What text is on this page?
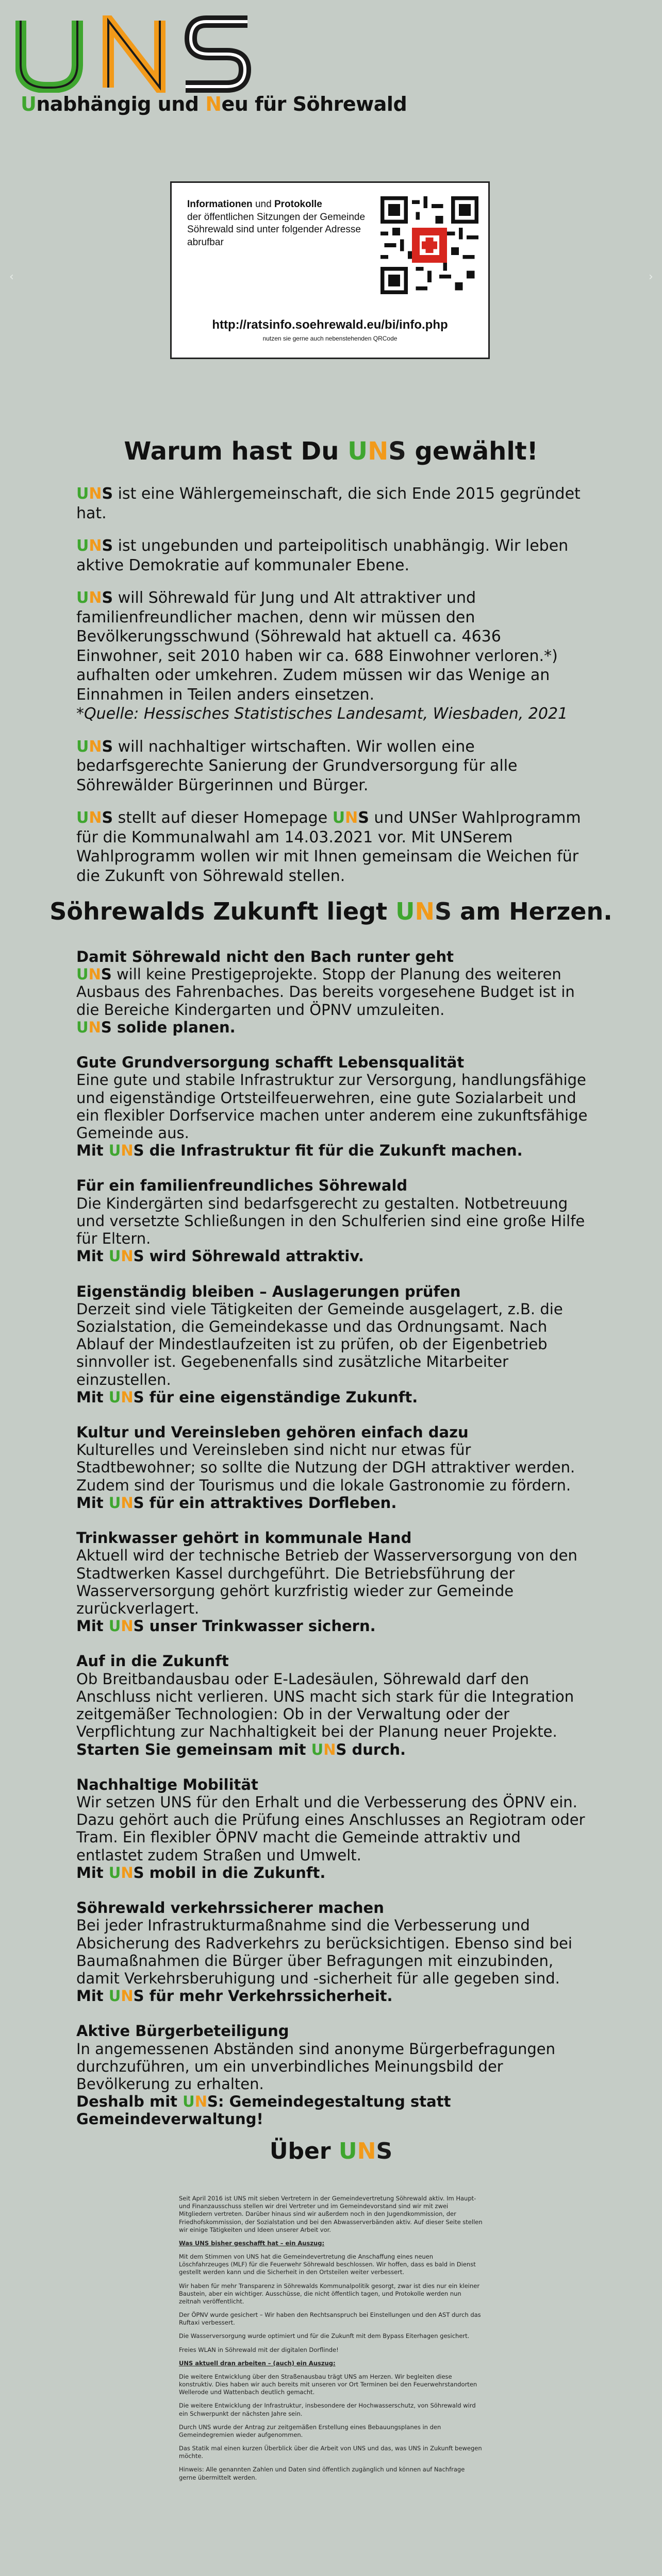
Unabhängig und Neu für Söhrewald
‹	›
Informationen und Protokolle
der öffentlichen Sitzungen der Gemeinde Söhrewald sind unter folgender Adresse abrufbar
http://ratsinfo.soehrewald.eu/bi/info.php
nutzen sie gerne auch nebenstehenden QRCode
Warum hast Du UNS gewählt!

UNS ist eine Wählergemeinschaft, die sich Ende 2015 gegründet hat.

UNS ist ungebunden und parteipolitisch unabhängig. Wir leben aktive Demokratie auf kommunaler Ebene.

UNS will Söhrewald für Jung und Alt attraktiver und familienfreundlicher machen, denn wir müssen den Bevölkerungsschwund (Söhrewald hat aktuell ca. 4636 Einwohner, seit 2010 haben wir ca. 688 Einwohner verloren.*) aufhalten oder umkehren. Zudem müssen wir das Wenige an Einnahmen in Teilen anders einsetzen.
*Quelle: Hessisches Statistisches Landesamt, Wiesbaden, 2021

UNS will nachhaltiger wirtschaften. Wir wollen eine bedarfsgerechte Sanierung der Grundversorgung für alle Söhrewälder Bürgerinnen und Bürger.

UNS stellt auf dieser Homepage UNS und UNSer Wahlprogramm für die Kommunalwahl am 14.03.2021 vor. Mit UNSerem Wahlprogramm wollen wir mit Ihnen gemeinsam die Weichen für die Zukunft von Söhrewald stellen.

Söhrewalds Zukunft liegt UNS am Herzen.
Damit Söhrewald nicht den Bach runter geht
UNS will keine Prestigeprojekte. Stopp der Planung des weiteren Ausbaus des Fahrenbaches. Das bereits vorgesehene Budget ist in die Bereiche Kindergarten und ÖPNV umzuleiten.
UNS solide planen.
Gute Grundversorgung schafft Lebensqualität
Eine gute und stabile Infrastruktur zur Versorgung, handlungsfähige und eigenständige Ortsteilfeuerwehren, eine gute Sozialarbeit und ein flexibler Dorfservice machen unter anderem eine zukunftsfähige Gemeinde aus.
Mit UNS die Infrastruktur fit für die Zukunft machen.
Für ein familienfreundliches Söhrewald
Die Kindergärten sind bedarfsgerecht zu gestalten. Notbetreuung und versetzte Schließungen in den Schulferien sind eine große Hilfe für Eltern.
Mit UNS wird Söhrewald attraktiv.
Eigenständig bleiben – Auslagerungen prüfen
Derzeit sind viele Tätigkeiten der Gemeinde ausgelagert, z.B. die Sozialstation, die Gemeindekasse und das Ordnungsamt. Nach Ablauf der Mindestlaufzeiten ist zu prüfen, ob der Eigenbetrieb sinnvoller ist. Gegebenenfalls sind zusätzliche Mitarbeiter einzustellen.
Mit UNS für eine eigenständige Zukunft.
Kultur und Vereinsleben gehören einfach dazu
Kulturelles und Vereinsleben sind nicht nur etwas für Stadtbewohner; so sollte die Nutzung der DGH attraktiver werden. Zudem sind der Tourismus und die lokale Gastronomie zu fördern.
Mit UNS für ein attraktives Dorfleben.
Trinkwasser gehört in kommunale Hand
Aktuell wird der technische Betrieb der Wasserversorgung von den Stadtwerken Kassel durchgeführt. Die Betriebsführung der Wasserversorgung gehört kurzfristig wieder zur Gemeinde zurückverlagert.
Mit UNS unser Trinkwasser sichern.
Auf in die Zukunft
Ob Breitbandausbau oder E-Ladesäulen, Söhrewald darf den Anschluss nicht verlieren. UNS macht sich stark für die Integration zeitgemäßer Technologien: Ob in der Verwaltung oder der Verpflichtung zur Nachhaltigkeit bei der Planung neuer Projekte.
Starten Sie gemeinsam mit UNS durch.
Nachhaltige Mobilität
Wir setzen UNS für den Erhalt und die Verbesserung des ÖPNV ein. Dazu gehört auch die Prüfung eines Anschlusses an Regiotram oder Tram. Ein flexibler ÖPNV macht die Gemeinde attraktiv und entlastet zudem Straßen und Umwelt.
Mit UNS mobil in die Zukunft.
Söhrewald verkehrssicherer machen
Bei jeder Infrastrukturmaßnahme sind die Verbesserung und Absicherung des Radverkehrs zu berücksichtigen. Ebenso sind bei Baumaßnahmen die Bürger über Befragungen mit einzubinden, damit Verkehrsberuhigung und -sicherheit für alle gegeben sind.
Mit UNS für mehr Verkehrssicherheit.
Aktive Bürgerbeteiligung
In angemessenen Abständen sind anonyme Bürgerbefragungen durchzuführen, um ein unverbindliches Meinungsbild der Bevölkerung zu erhalten.
Deshalb mit UNS: Gemeindegestaltung statt Gemeindeverwaltung!
Über UNS

Seit April 2016 ist UNS mit sieben Vertretern in der Gemeindevertretung Söhrewald aktiv. Im Haupt- und Finanzausschuss stellen wir drei Vertreter und im Gemeindevorstand sind wir mit zwei Mitgliedern vertreten. Darüber hinaus sind wir außerdem noch in den Jugendkommission, der Friedhofskommission, der Sozialstation und bei den Abwasserverbänden aktiv. Auf dieser Seite stellen wir einige Tätigkeiten und Ideen unserer Arbeit vor.

Was UNS bisher geschafft hat – ein Auszug:

Mit dem Stimmen von UNS hat die Gemeindevertretung die Anschaffung eines neuen Löschfahrzeuges (MLF) für die Feuerwehr Söhrewald beschlossen. Wir hoffen, dass es bald in Dienst gestellt werden kann und die Sicherheit in den Ortsteilen weiter verbessert.

Wir haben für mehr Transparenz in Söhrewalds Kommunalpolitik gesorgt, zwar ist dies nur ein kleiner Baustein, aber ein wichtiger. Ausschüsse, die nicht öffentlich tagen, und Protokolle werden nun zeitnah veröffentlicht.

Der ÖPNV wurde gesichert – Wir haben den Rechtsanspruch bei Einstellungen und den AST durch das Ruftaxi verbessert.

Die Wasserversorgung wurde optimiert und für die Zukunft mit dem Bypass Eiterhagen gesichert.

Freies WLAN in Söhrewald mit der digitalen Dorflinde!

UNS aktuell dran arbeiten – (auch) ein Auszug:

Die weitere Entwicklung über den Straßenausbau trägt UNS am Herzen. Wir begleiten diese konstruktiv. Dies haben wir auch bereits mit unseren vor Ort Terminen bei den Feuerwehrstandorten Wellerode und Wattenbach deutlich gemacht.

Die weitere Entwicklung der Infrastruktur, insbesondere der Hochwasserschutz, von Söhrewald wird ein Schwerpunkt der nächsten Jahre sein.

Durch UNS wurde der Antrag zur zeitgemäßen Erstellung eines Bebauungsplanes in den Gemeindegremien wieder aufgenommen.

Das Statik mal einen kurzen Überblick über die Arbeit von UNS und das, was UNS in Zukunft bewegen möchte.

Hinweis: Alle genannten Zahlen und Daten sind öffentlich zugänglich und können auf Nachfrage gerne übermittelt werden.
